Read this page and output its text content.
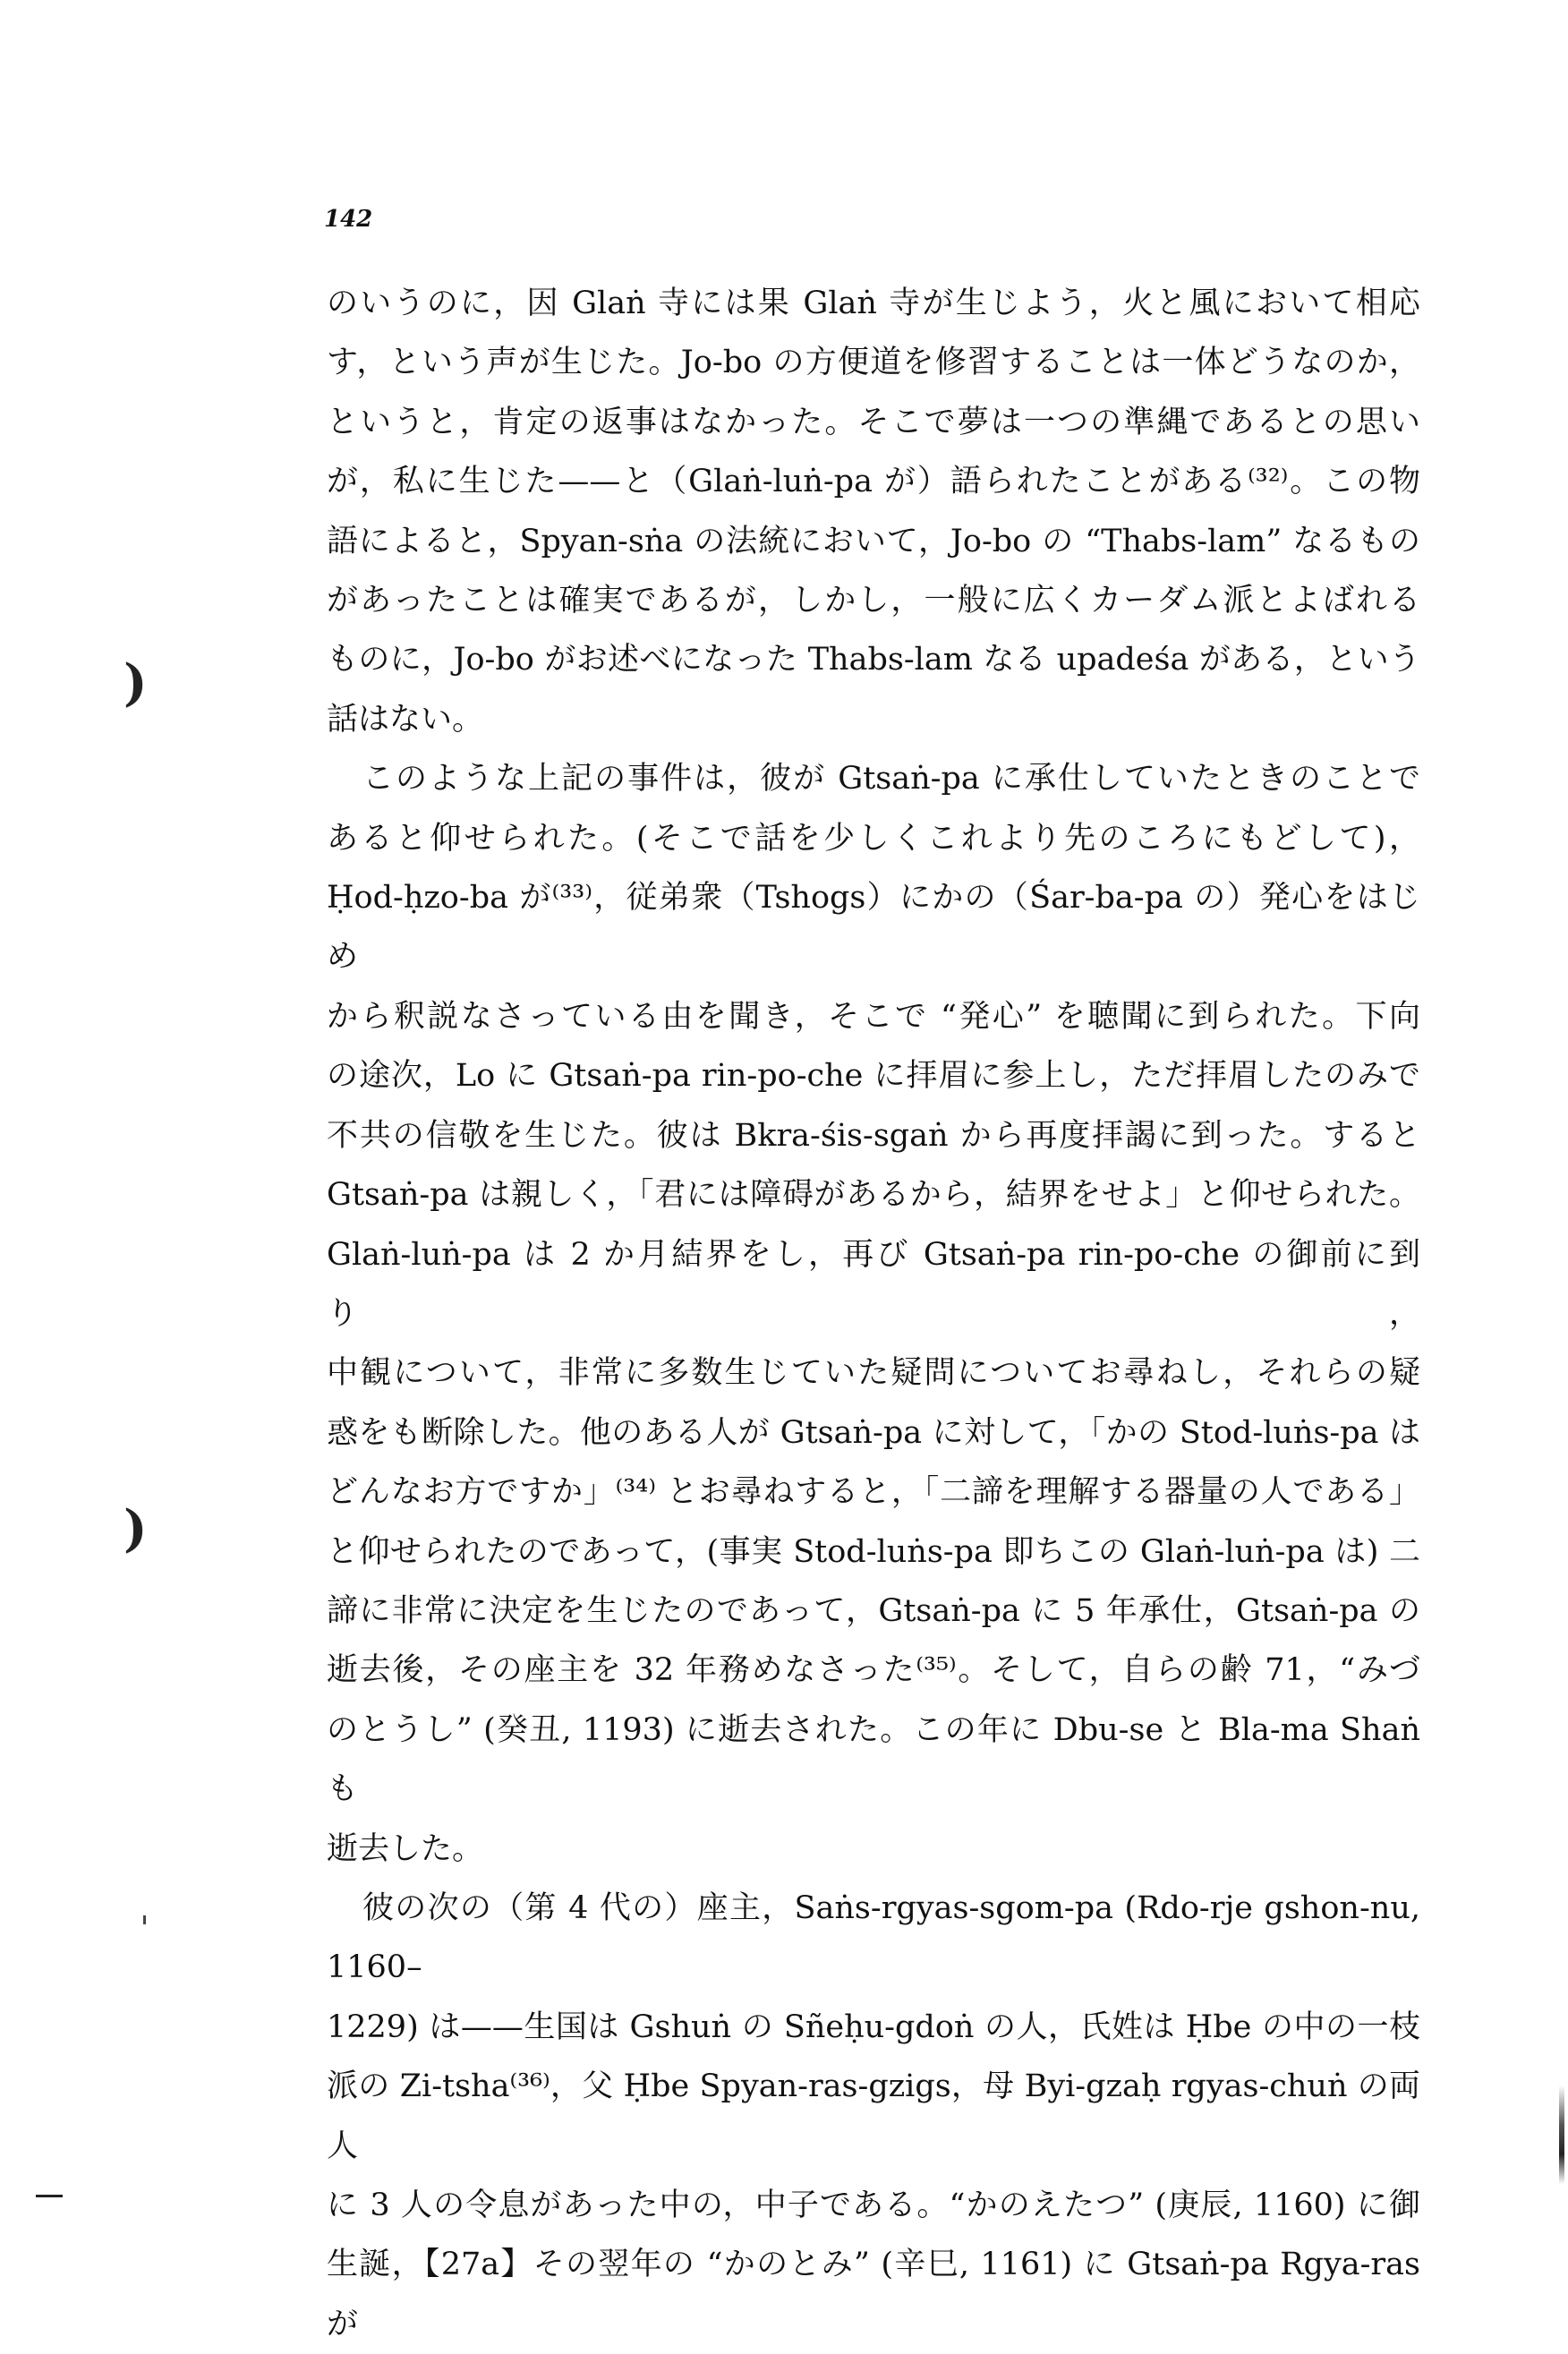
142
のいうのに，因 Glaṅ 寺には果 Glaṅ 寺が生じよう，火と風において相応
す，という声が生じた。Jo-bo の方便道を修習することは一体どうなのか，
というと，肯定の返事はなかった。そこで夢は一つの準縄であるとの思い
が，私に生じた——と（Glaṅ-luṅ-pa が）語られたことがある⁽³²⁾。この物
語によると，Spyan-sṅa の法統において，Jo-bo の “Thabs-lam” なるもの
があったことは確実であるが，しかし，一般に広くカーダム派とよばれる
ものに，Jo-bo がお述べになった Thabs-lam なる upadeśa がある，という
話はない。
このような上記の事件は，彼が Gtsaṅ-pa に承仕していたときのことで
あると仰せられた。(そこで話を少しくこれより先のころにもどして)，
Ḥod-ḥzo-ba が⁽³³⁾，従弟衆（Tshogs）にかの（Śar-ba-pa の）発心をはじめ
から釈説なさっている由を聞き，そこで “発心” を聴聞に到られた。下向
の途次，Lo に Gtsaṅ-pa rin-po-che に拝眉に参上し，ただ拝眉したのみで
不共の信敬を生じた。彼は Bkra-śis-sgaṅ から再度拝謁に到った。すると
Gtsaṅ-pa は親しく，「君には障碍があるから，結界をせよ」と仰せられた。
Glaṅ-luṅ-pa は 2 か月結界をし，再び Gtsaṅ-pa rin-po-che の御前に到り，
中観について，非常に多数生じていた疑問についてお尋ねし，それらの疑
惑をも断除した。他のある人が Gtsaṅ-pa に対して，「かの Stod-luṅs-pa は
どんなお方ですか」⁽³⁴⁾ とお尋ねすると，「二諦を理解する器量の人である」
と仰せられたのであって，(事実 Stod-luṅs-pa 即ちこの Glaṅ-luṅ-pa は) 二
諦に非常に決定を生じたのであって，Gtsaṅ-pa に 5 年承仕，Gtsaṅ-pa の
逝去後，その座主を 32 年務めなさった⁽³⁵⁾。そして，自らの齢 71，“みづ
のとうし” (癸丑, 1193) に逝去された。この年に Dbu-se と Bla-ma Shaṅ も
逝去した。
彼の次の（第 4 代の）座主，Saṅs-rgyas-sgom-pa (Rdo-rje gshon-nu, 1160–
1229) は——生国は Gshuṅ の Sñeḥu-gdoṅ の人，氏姓は Ḥbe の中の一枝
派の Zi-tsha⁽³⁶⁾，父 Ḥbe Spyan-ras-gzigs，母 Byi-gzaḥ rgyas-chuṅ の両人
に 3 人の令息があった中の，中子である。“かのえたつ” (庚辰, 1160) に御
生誕，【27a】その翌年の “かのとみ” (辛巳, 1161) に Gtsaṅ-pa Rgya-ras が
)
)
